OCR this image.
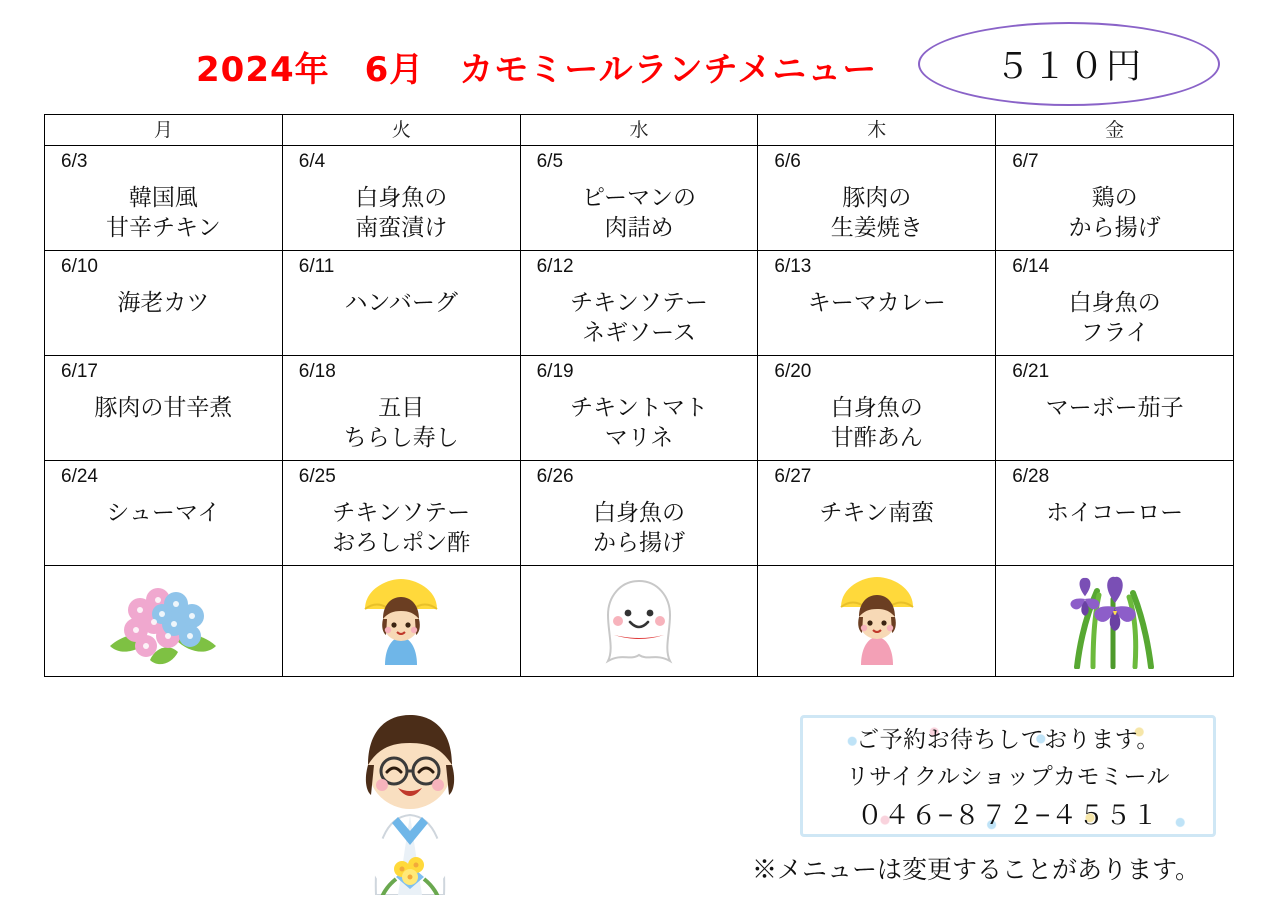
2024年　6月　カモミールランチメニュー	５１０円
月	火	水	木	金

6/3
韓国風
甘辛チキン	6/4
白身魚の
南蛮漬け	6/5
ピーマンの
肉詰め	6/6
豚肉の
生姜焼き	6/7
鶏の
から揚げ

6/10
海老カツ	6/11
ハンバーグ	6/12
チキンソテー
ネギソース	6/13
キーマカレー	6/14
白身魚の
フライ

6/17
豚肉の甘辛煮	6/18
五目
ちらし寿し	6/19
チキントマト
マリネ	6/20
白身魚の
甘酢あん	6/21
マーボー茄子

6/24
シューマイ	6/25
チキンソテー
おろしポン酢	6/26
白身魚の
から揚げ	6/27
チキン南蛮	6/28
ホイコーロー

ご予約お待ちしております。
リサイクルショップカモミール
０４６−８７２−４５５１
※メニューは変更することがあります。
